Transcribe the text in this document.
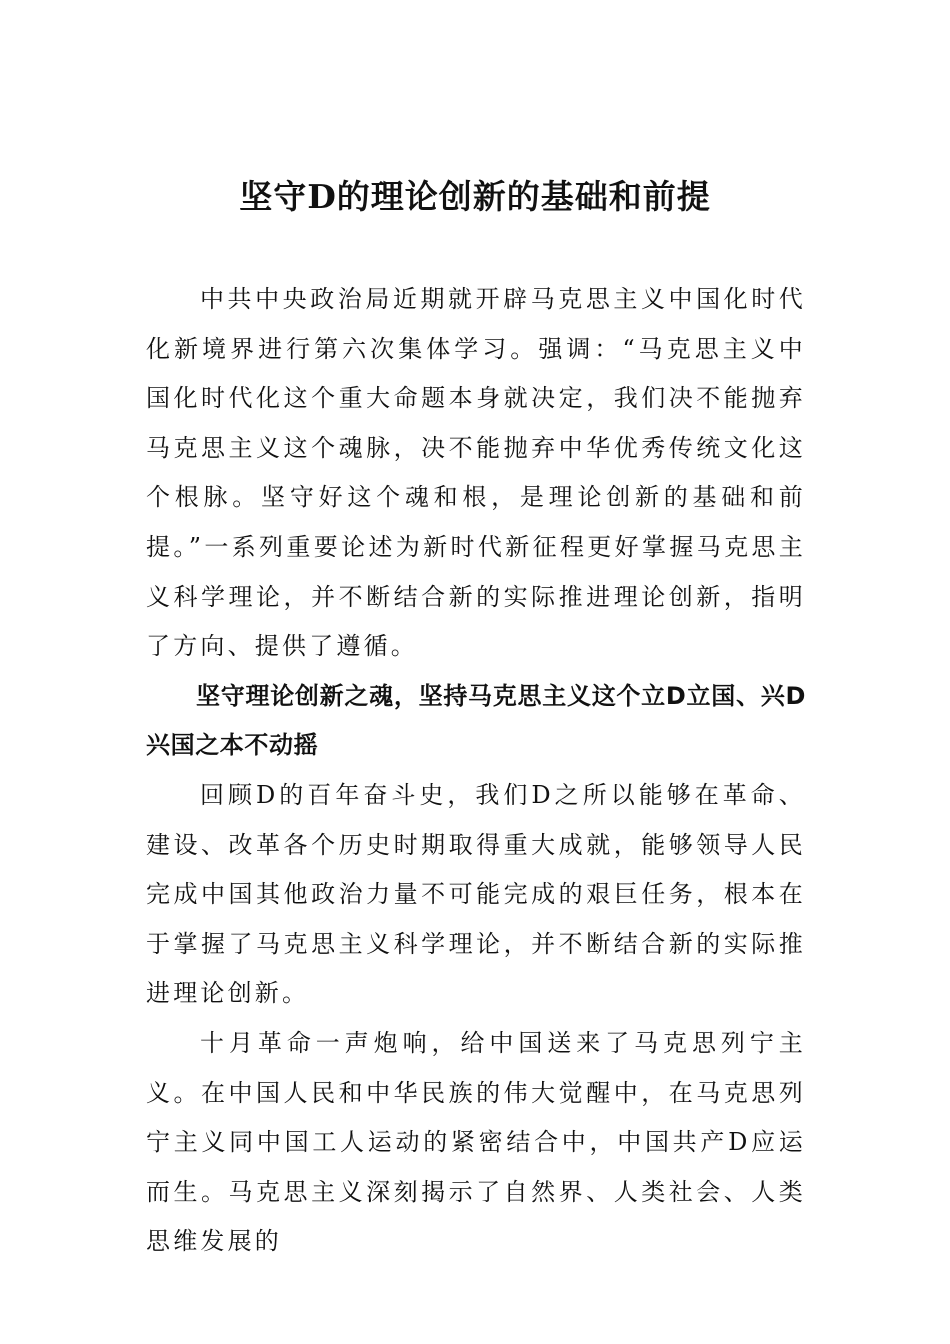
坚守D的理论创新的基础和前提

中共中央政治局近期就开辟马克思主义中国化时代化新境界进行第六次集体学习。强调：“马克思主义中国化时代化这个重大命题本身就决定，我们决不能抛弃马克思主义这个魂脉，决不能抛弃中华优秀传统文化这个根脉。坚守好这个魂和根，是理论创新的基础和前提。”一系列重要论述为新时代新征程更好掌握马克思主义科学理论，并不断结合新的实际推进理论创新，指明了方向、提供了遵循。

坚守理论创新之魂，坚持马克思主义这个立D立国、兴D兴国之本不动摇

回顾D的百年奋斗史，我们D之所以能够在革命、建设、改革各个历史时期取得重大成就，能够领导人民完成中国其他政治力量不可能完成的艰巨任务，根本在于掌握了马克思主义科学理论，并不断结合新的实际推进理论创新。

十月革命一声炮响，给中国送来了马克思列宁主义。在中国人民和中华民族的伟大觉醒中，在马克思列宁主义同中国工人运动的紧密结合中，中国共产D应运而生。马克思主义深刻揭示了自然界、人类社会、人类思维发展的
